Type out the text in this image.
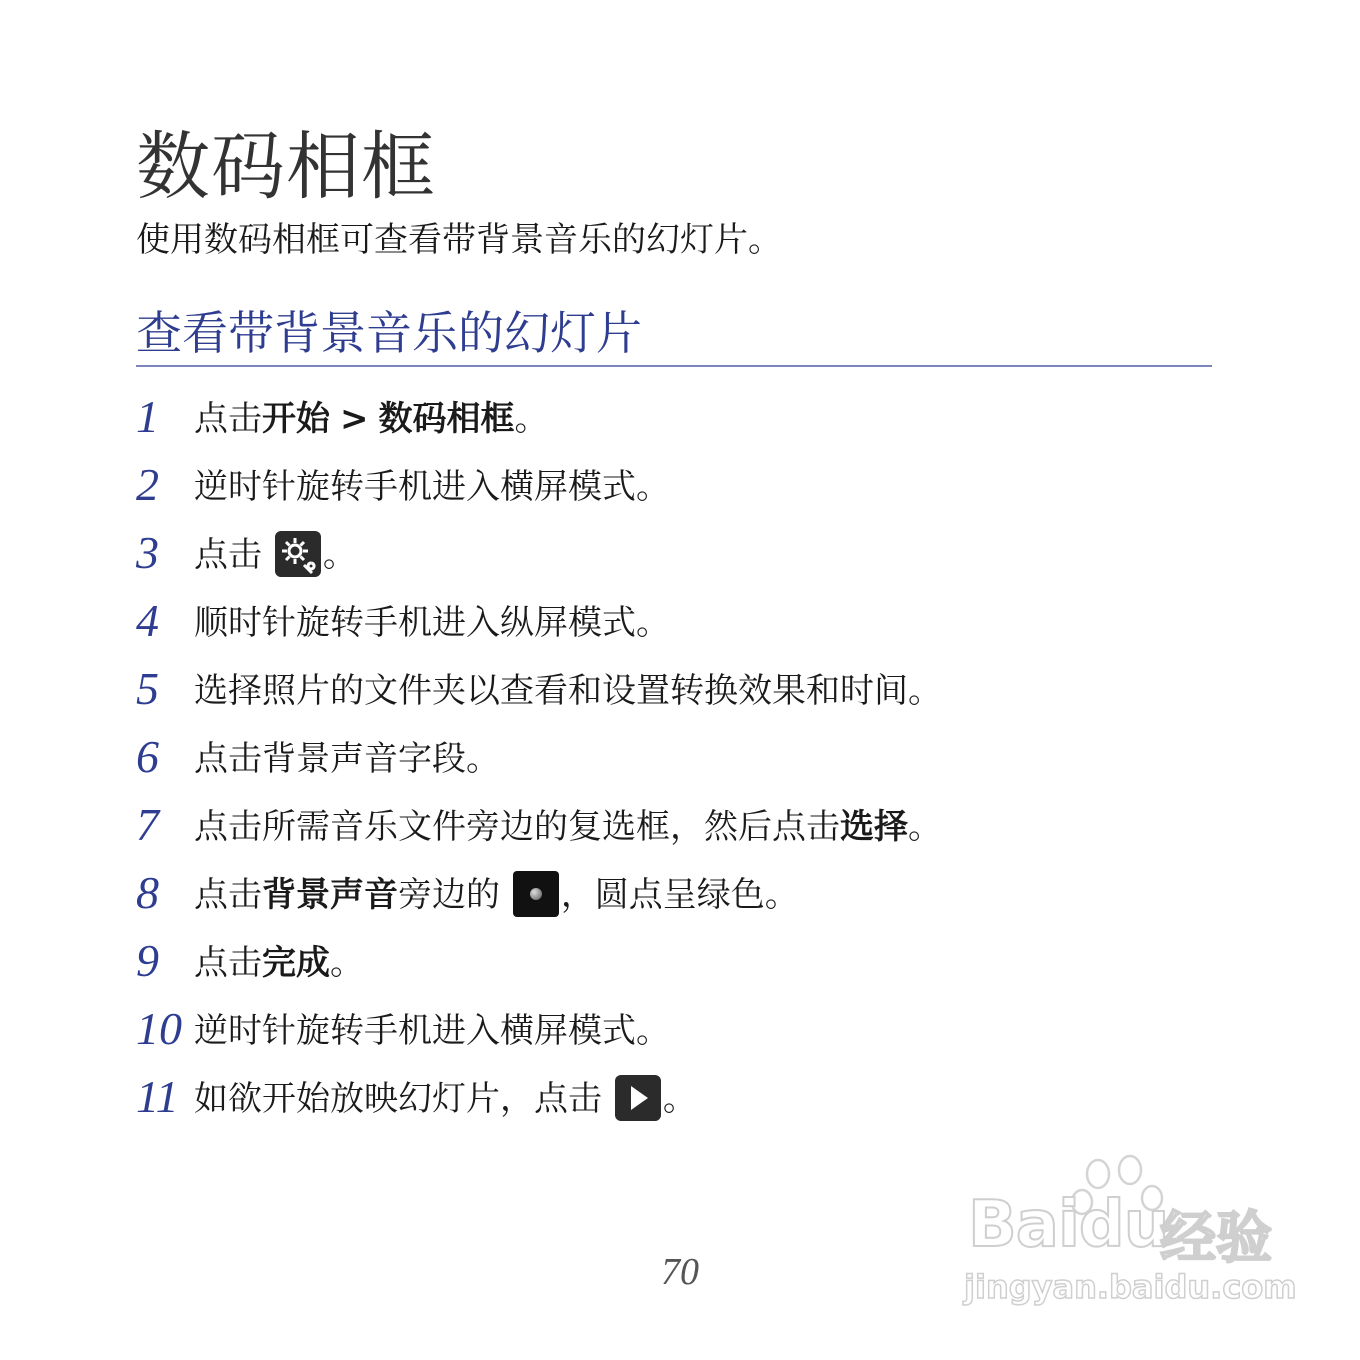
数码相框
使用数码相框可查看带背景音乐的幻灯片。
查看带背景音乐的幻灯片
1 点击开始 > 数码相框。
2 逆时针旋转手机进入横屏模式。
3 点击 。
4 顺时针旋转手机进入纵屏模式。
5 选择照片的文件夹以查看和设置转换效果和时间。
6 点击背景声音字段。
7 点击所需音乐文件旁边的复选框，然后点击选择。
8 点击背景声音旁边的
，圆点呈绿色。
9 点击完成。
10 逆时针旋转手机进入横屏模式。
11 如欲开始放映幻灯片，点击
。
70
Baidu
经验
jingyan.baidu.com
